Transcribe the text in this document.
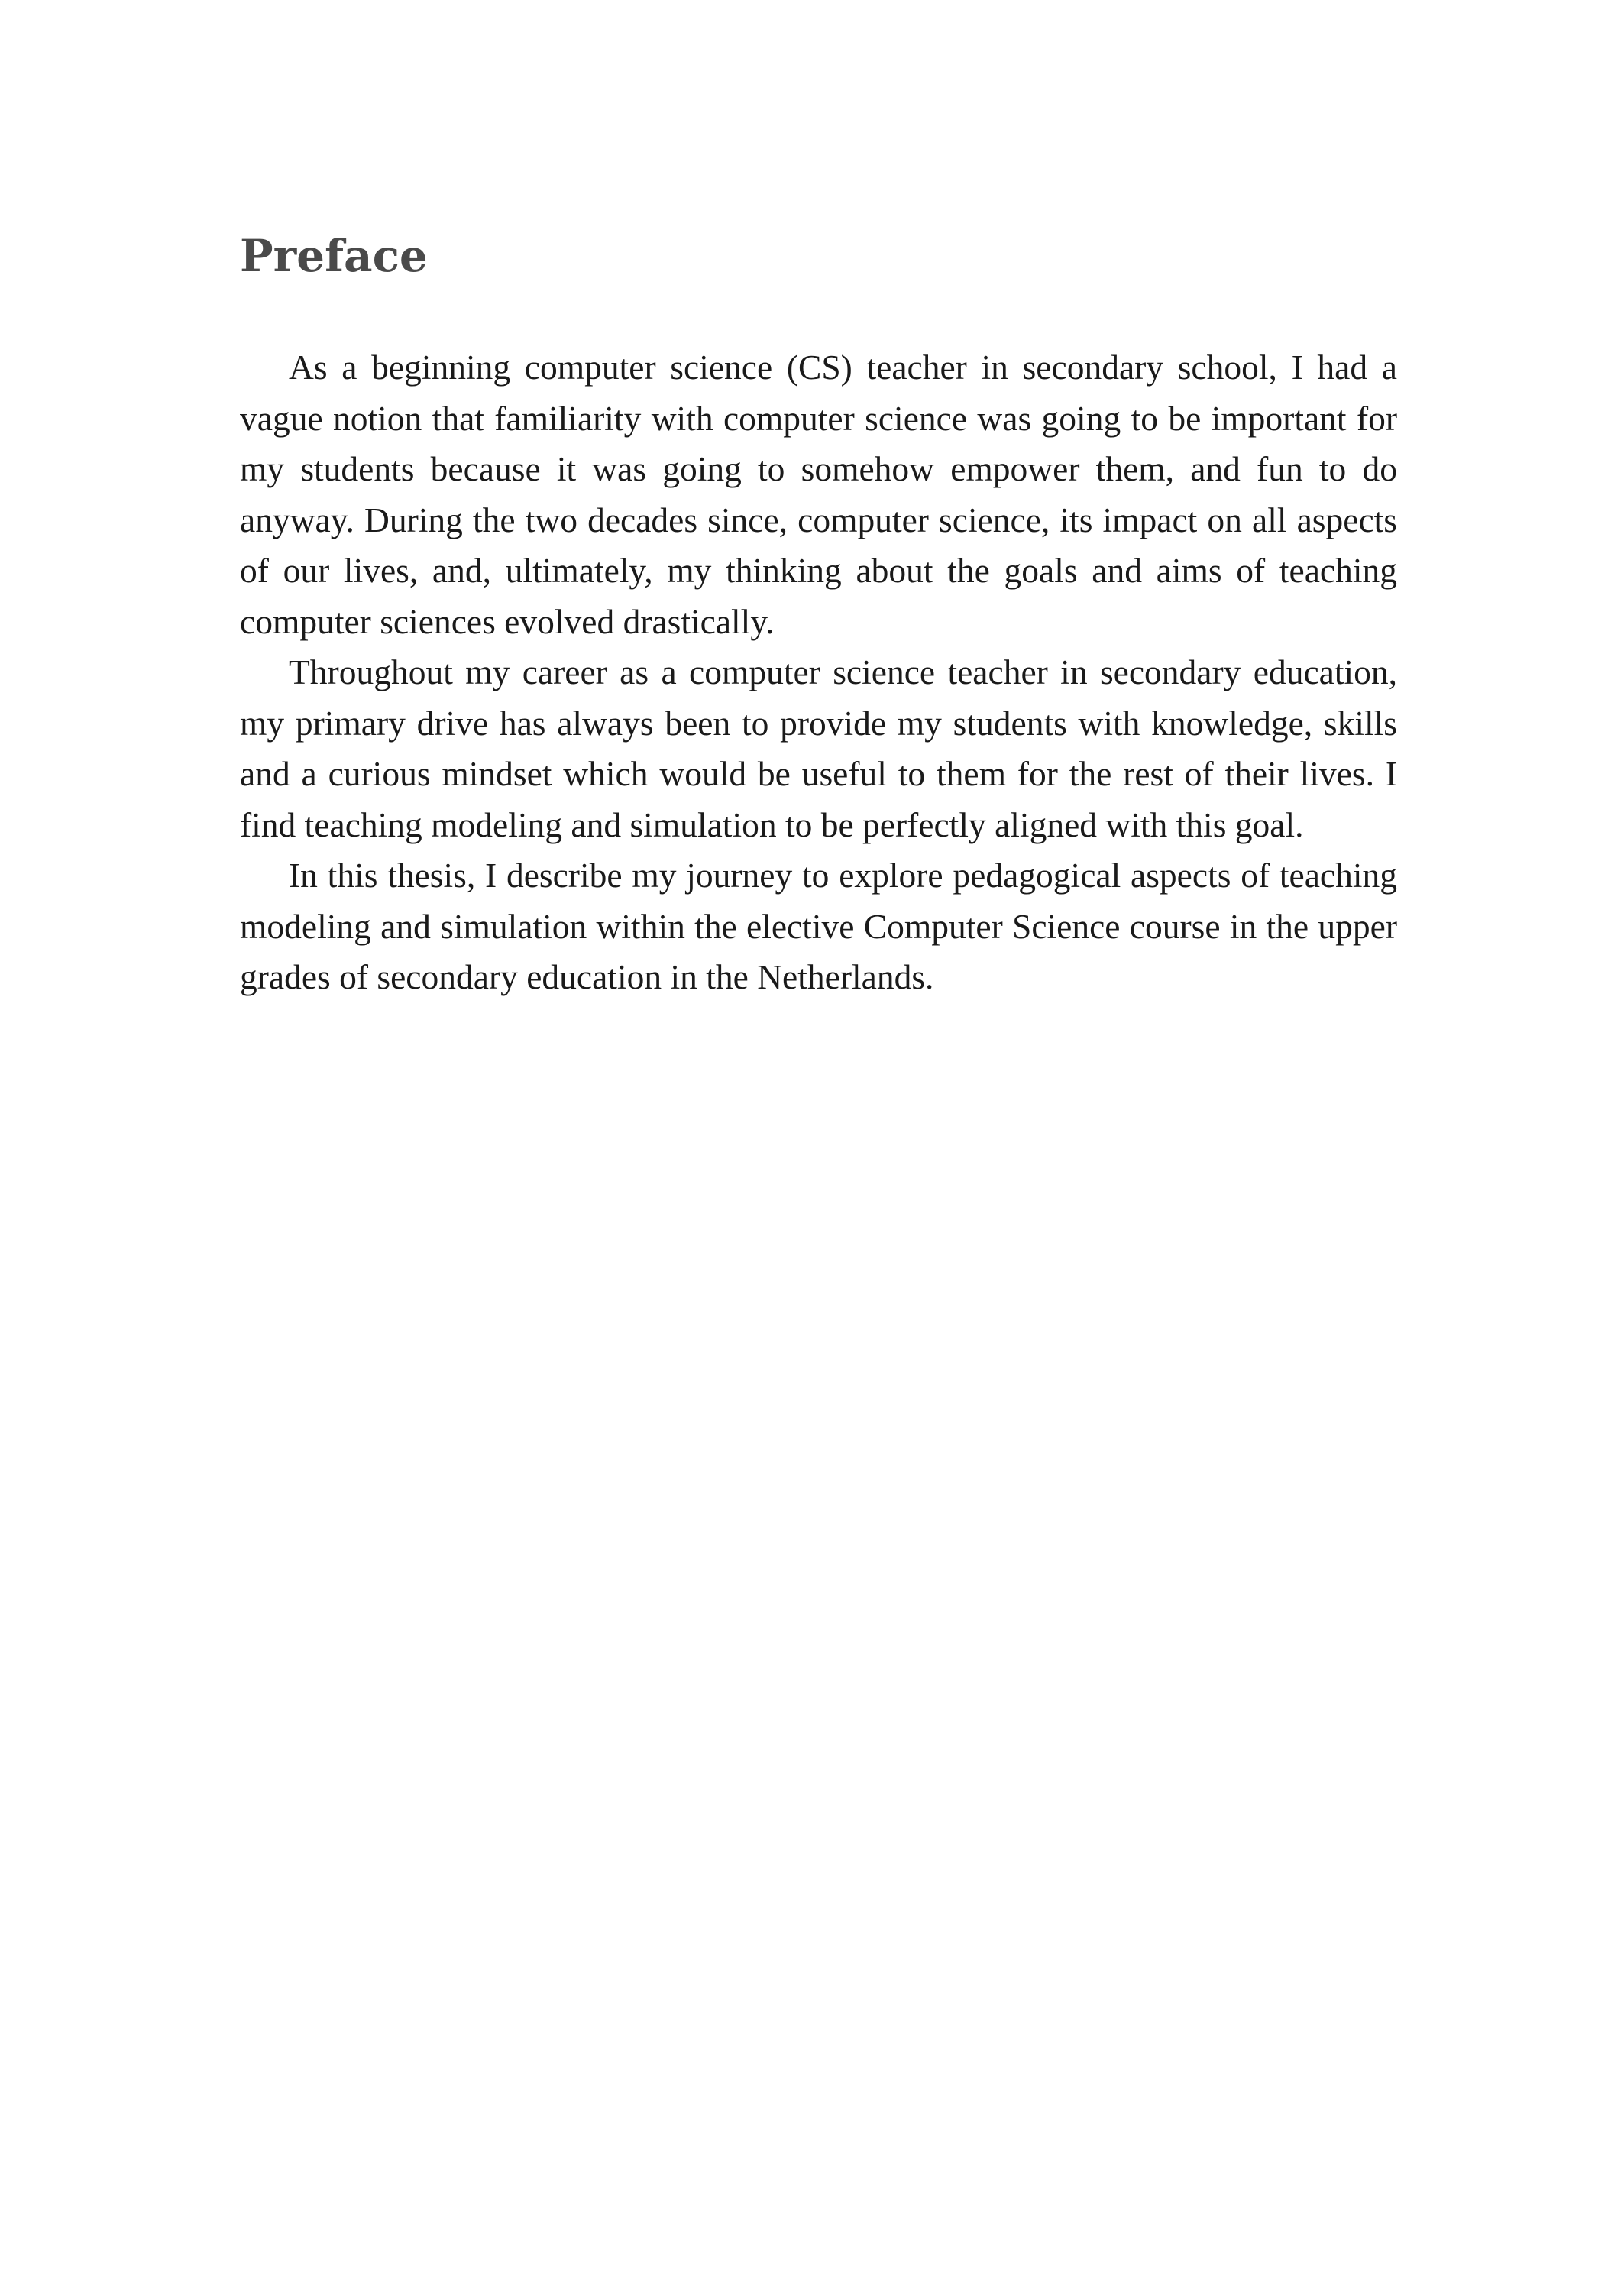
Preface

As a beginning computer science (CS) teacher in secondary school, I had a vague notion that familiarity with computer science was going to be important for my students because it was going to somehow empower them, and fun to do anyway. During the two decades since, computer science, its impact on all aspects of our lives, and, ultimately, my thinking about the goals and aims of teaching computer sciences evolved drastically.

Throughout my career as a computer science teacher in secondary education, my primary drive has always been to provide my students with knowledge, skills and a curious mindset which would be useful to them for the rest of their lives. I find teaching modeling and simulation to be perfectly aligned with this goal.

In this thesis, I describe my journey to explore pedagogical aspects of teaching modeling and simulation within the elective Computer Science course in the upper grades of secondary education in the Netherlands.
